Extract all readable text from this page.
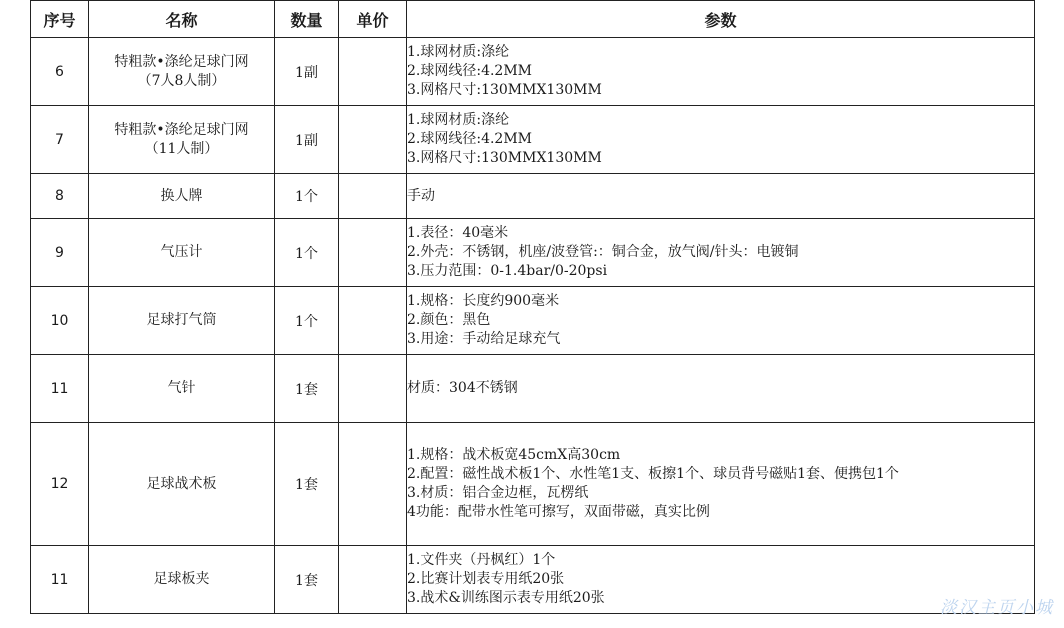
序号	名称	数量	单价	参数
6	特粗款•涤纶足球门网
（7人8人制）	1副		1.球网材质:涤纶
2.球网线径:4.2MM
3.网格尺寸:130MMX130MM

7	特粗款•涤纶足球门网
（11人制）	1副		1.球网材质:涤纶
2.球网线径:4.2MM
3.网格尺寸:130MMX130MM

8	换人牌	1个		手动

9	气压计	1个		1.表径：40毫米
2.外壳：不锈钢，机座/波登管:：铜合金，放气阀/针头：电镀铜
3.压力范围：0-1.4bar/0-20psi

10	足球打气筒	1个		1.规格：长度约900毫米
2.颜色：黑色
3.用途：手动给足球充气

11	气针	1套		材质：304不锈钢

12	足球战术板	1套		1.规格：战术板宽45cmX高30cm
2.配置：磁性战术板1个、水性笔1支、板擦1个、球员背号磁贴1套、便携包1个
3.材质：铝合金边框，瓦楞纸
4功能：配带水性笔可擦写，双面带磁，真实比例

11	足球板夹	1套		1.文件夹（丹枫红）1个
2.比赛计划表专用纸20张
3.战术&训练图示表专用纸20张	淡汉主页小城
